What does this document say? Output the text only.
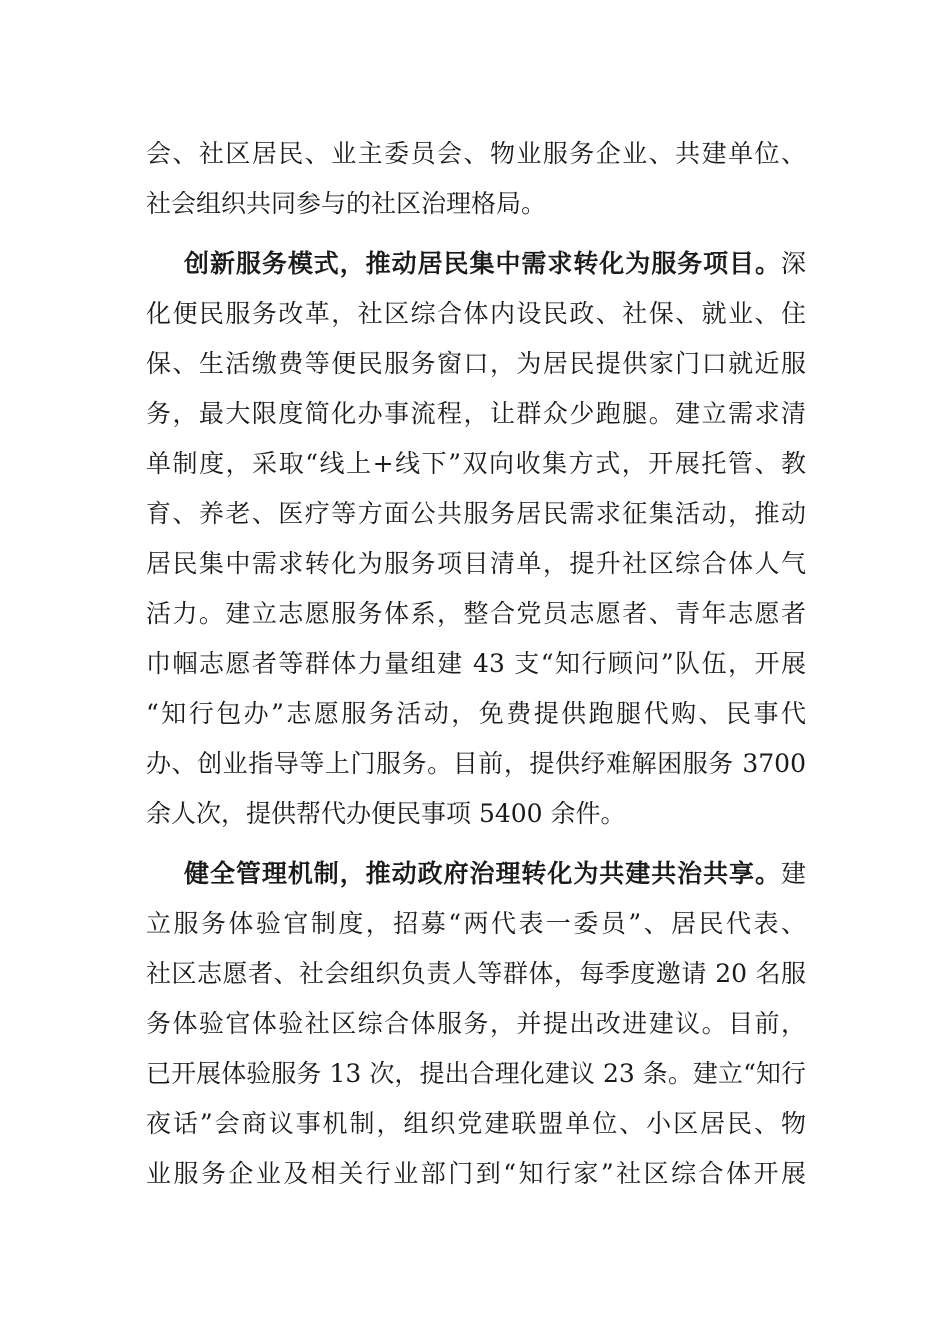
会、社区居民、业主委员会、物业服务企业、共建单位、
社会组织共同参与的社区治理格局。
创新服务模式，推动居民集中需求转化为服务项目。深
化便民服务改革，社区综合体内设民政、社保、就业、住
保、生活缴费等便民服务窗口，为居民提供家门口就近服
务，最大限度简化办事流程，让群众少跑腿。建立需求清
单制度，采取“线上+线下”双向收集方式，开展托管、教
育、养老、医疗等方面公共服务居民需求征集活动，推动
居民集中需求转化为服务项目清单，提升社区综合体人气
活力。建立志愿服务体系，整合党员志愿者、青年志愿者
巾帼志愿者等群体力量组建 43 支“知行顾问”队伍，开展
“知行包办”志愿服务活动，免费提供跑腿代购、民事代
办、创业指导等上门服务。目前，提供纾难解困服务 3700
余人次，提供帮代办便民事项 5400 余件。
健全管理机制，推动政府治理转化为共建共治共享。建
立服务体验官制度，招募“两代表一委员”、居民代表、
社区志愿者、社会组织负责人等群体，每季度邀请 20 名服
务体验官体验社区综合体服务，并提出改进建议。目前，
已开展体验服务 13 次，提出合理化建议 23 条。建立“知行
夜话”会商议事机制，组织党建联盟单位、小区居民、物
业服务企业及相关行业部门到“知行家”社区综合体开展
